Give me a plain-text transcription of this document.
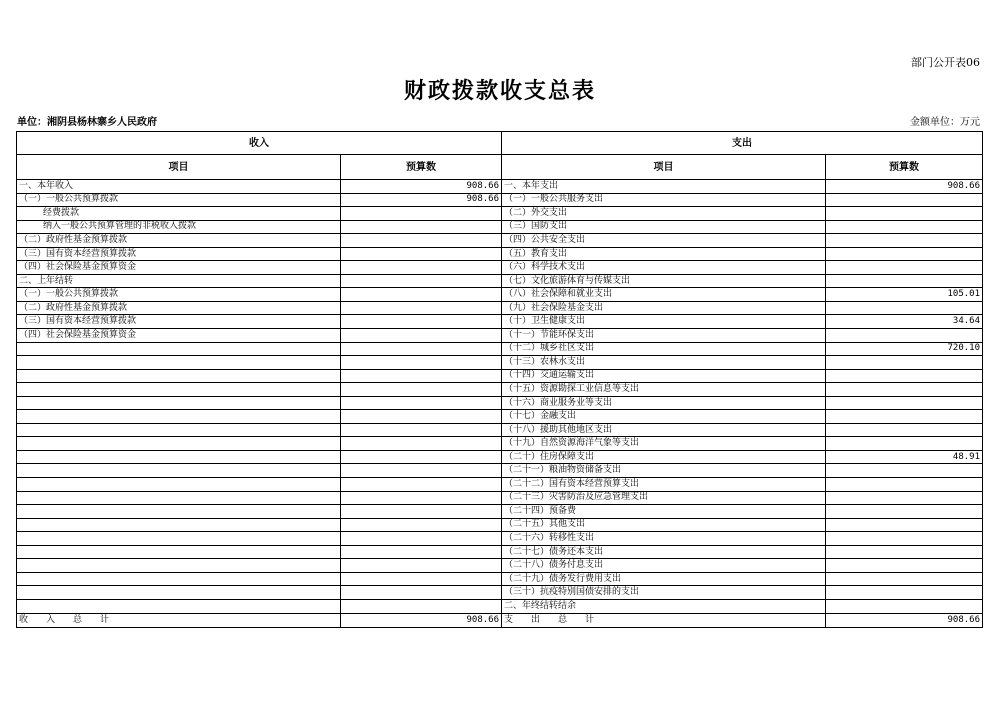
部门公开表06
财政拨款收支总表
单位：湘阴县杨林寨乡人民政府	金额单位：万元
收入		支出	
项目	预算数	项目	预算数
一、本年收入	908.66	一、本年支出	908.66
（一）一般公共预算拨款	908.66	（一）一般公共服务支出	
经费拨款		（二）外交支出	
纳入一般公共预算管理的非税收入拨款		（三）国防支出	
（二）政府性基金预算拨款		（四）公共安全支出	
（三）国有资本经营预算拨款		（五）教育支出	
（四）社会保险基金预算资金		（六）科学技术支出	
二、上年结转		（七）文化旅游体育与传媒支出	
（一）一般公共预算拨款		（八）社会保障和就业支出	105.01
（二）政府性基金预算拨款		（九）社会保险基金支出	
（三）国有资本经营预算拨款		（十）卫生健康支出	34.64
（四）社会保险基金预算资金		（十一）节能环保支出	
		（十二）城乡社区支出	720.10
		（十三）农林水支出	
		（十四）交通运输支出	
		（十五）资源勘探工业信息等支出	
		（十六）商业服务业等支出	
		（十七）金融支出	
		（十八）援助其他地区支出	
		（十九）自然资源海洋气象等支出	
		（二十）住房保障支出	48.91
		（二十一）粮油物资储备支出	
		（二十二）国有资本经营预算支出	
		（二十三）灾害防治及应急管理支出	
		（二十四）预备费	
		（二十五）其他支出	
		（二十六）转移性支出	
		（二十七）债务还本支出	
		（二十八）债务付息支出	
		（二十九）债务发行费用支出	
		（三十）抗疫特别国债安排的支出	
		二、年终结转结余	
收　　入　　总　　计	908.66	支　　出　　总　　计	908.66
